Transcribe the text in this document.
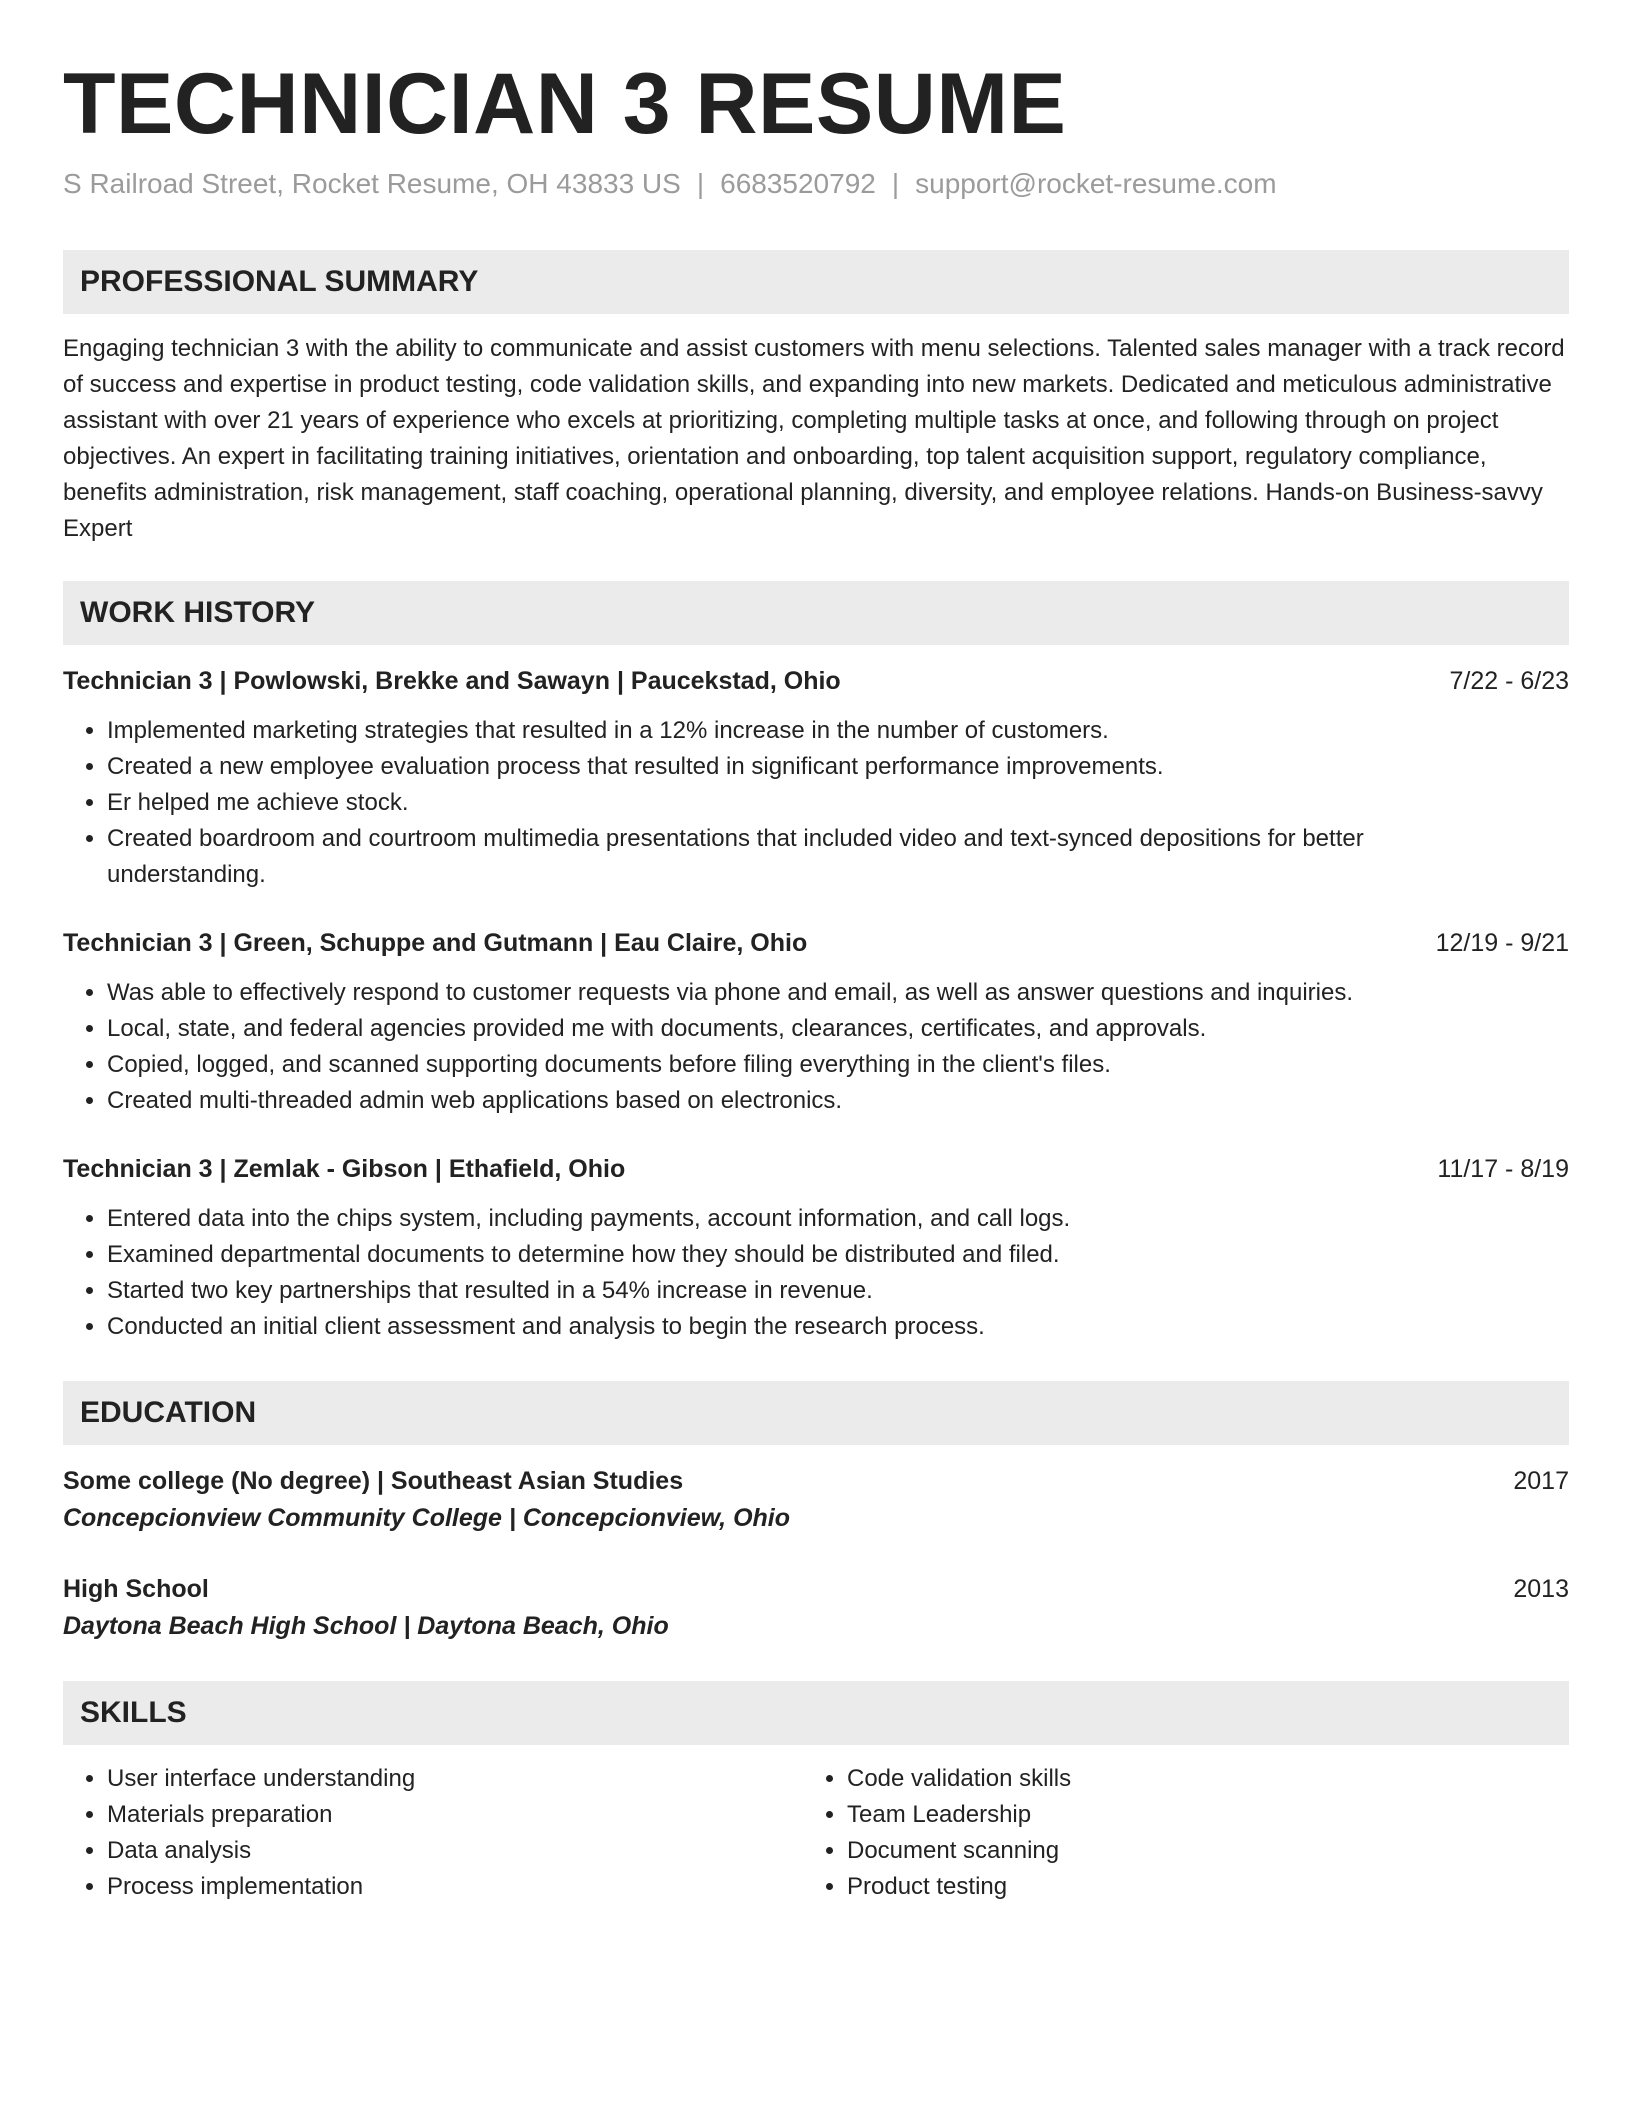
TECHNICIAN 3 RESUME
S Railroad Street, Rocket Resume, OH 43833 US | 6683520792 | support@rocket-resume.com
PROFESSIONAL SUMMARY
Engaging technician 3 with the ability to communicate and assist customers with menu selections. Talented sales manager with a track record of success and expertise in product testing, code validation skills, and expanding into new markets. Dedicated and meticulous administrative assistant with over 21 years of experience who excels at prioritizing, completing multiple tasks at once, and following through on project objectives. An expert in facilitating training initiatives, orientation and onboarding, top talent acquisition support, regulatory compliance, benefits administration, risk management, staff coaching, operational planning, diversity, and employee relations. Hands-on Business-savvy Expert
WORK HISTORY
Technician 3 | Powlowski, Brekke and Sawayn | Paucekstad, Ohio	7/22 - 6/23
• Implemented marketing strategies that resulted in a 12% increase in the number of customers.
• Created a new employee evaluation process that resulted in significant performance improvements.
• Er helped me achieve stock.
• Created boardroom and courtroom multimedia presentations that included video and text-synced depositions for better understanding.
Technician 3 | Green, Schuppe and Gutmann | Eau Claire, Ohio	12/19 - 9/21
• Was able to effectively respond to customer requests via phone and email, as well as answer questions and inquiries.
• Local, state, and federal agencies provided me with documents, clearances, certificates, and approvals.
• Copied, logged, and scanned supporting documents before filing everything in the client's files.
• Created multi-threaded admin web applications based on electronics.
Technician 3 | Zemlak - Gibson | Ethafield, Ohio	11/17 - 8/19
• Entered data into the chips system, including payments, account information, and call logs.
• Examined departmental documents to determine how they should be distributed and filed.
• Started two key partnerships that resulted in a 54% increase in revenue.
• Conducted an initial client assessment and analysis to begin the research process.
EDUCATION
Some college (No degree) | Southeast Asian Studies	2017
Concepcionview Community College | Concepcionview, Ohio
High School	2013
Daytona Beach High School | Daytona Beach, Ohio
SKILLS
• User interface understanding
• Materials preparation
• Data analysis
• Process implementation
• Code validation skills
• Team Leadership
• Document scanning
• Product testing
